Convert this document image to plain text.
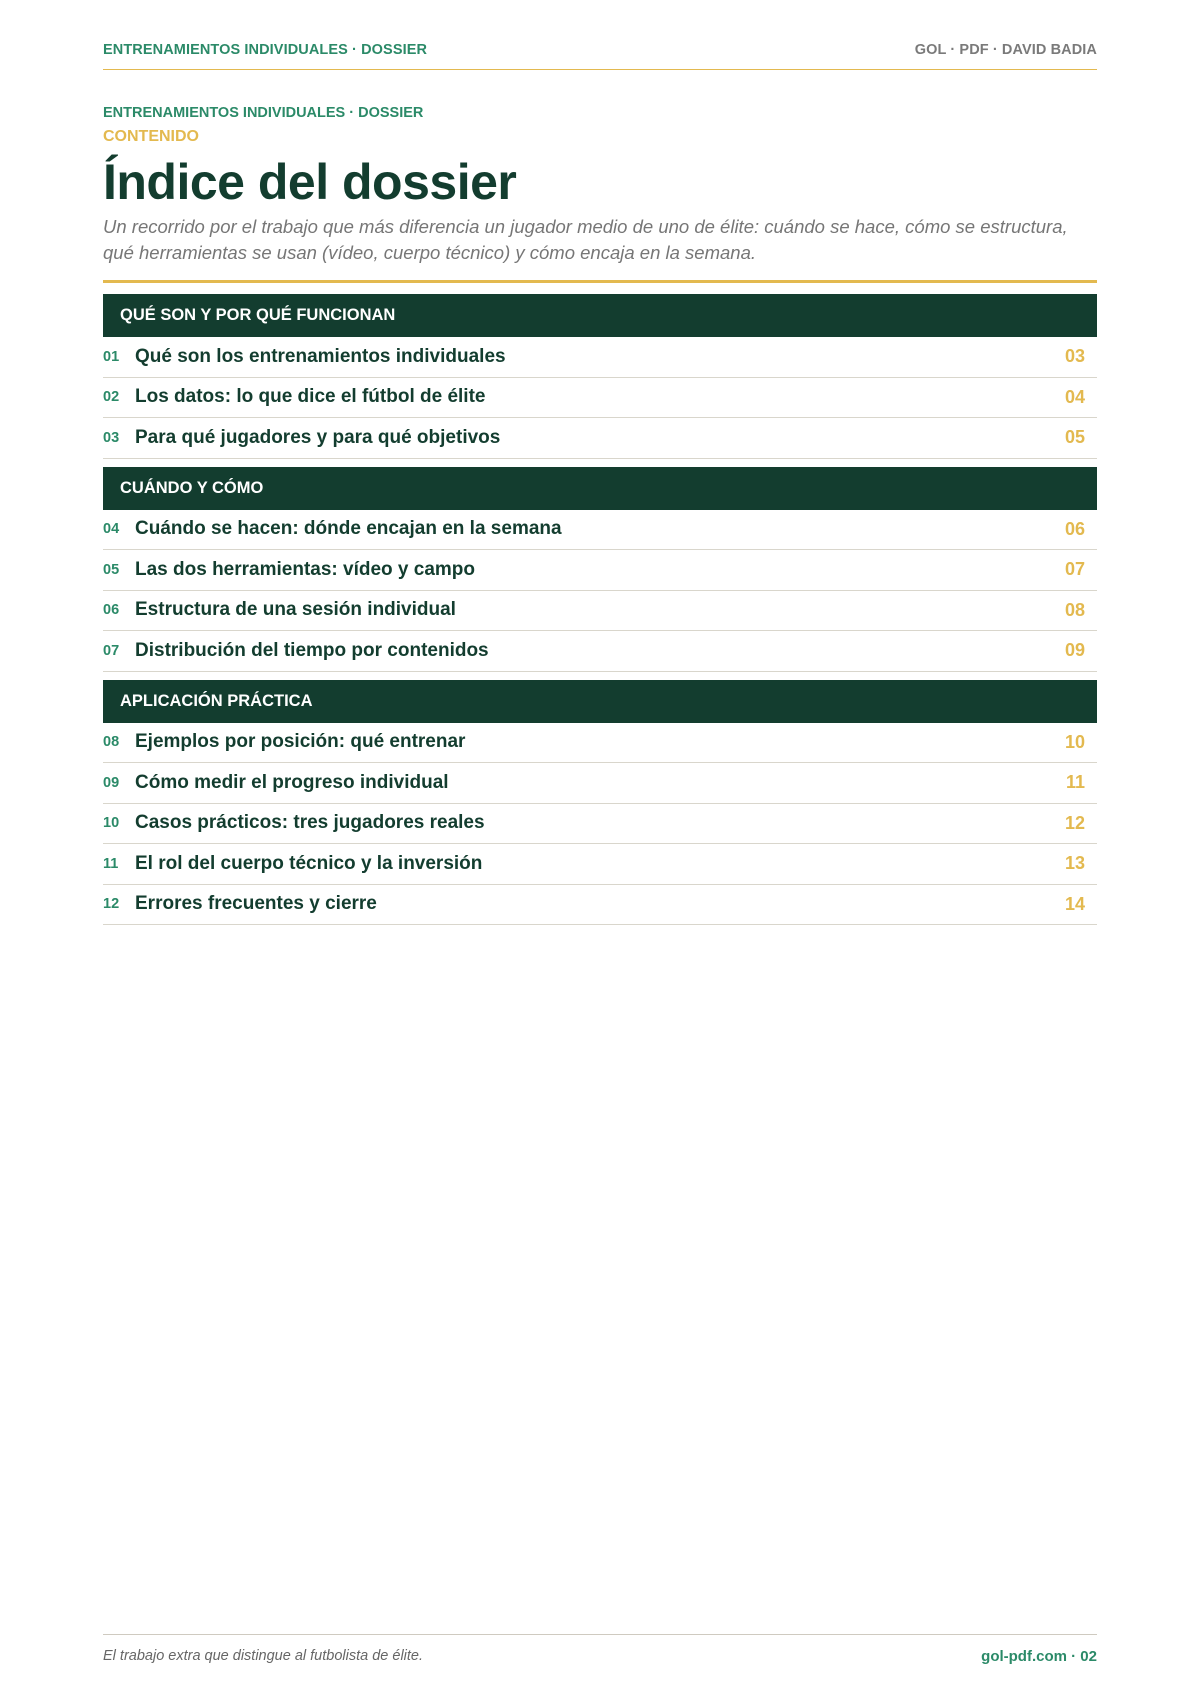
ENTRENAMIENTOS INDIVIDUALES · DOSSIER	GOL · PDF · DAVID BADIA
ENTRENAMIENTOS INDIVIDUALES · DOSSIER
CONTENIDO
Índice del dossier

Un recorrido por el trabajo que más diferencia un jugador medio de uno de élite: cuándo se hace, cómo se estructura, qué herramientas se usan (vídeo, cuerpo técnico) y cómo encaja en la semana.

QUÉ SON Y POR QUÉ FUNCIONAN
01 Qué son los entrenamientos individuales	03
02 Los datos: lo que dice el fútbol de élite	04
03 Para qué jugadores y para qué objetivos	05
CUÁNDO Y CÓMO
04 Cuándo se hacen: dónde encajan en la semana	06
05 Las dos herramientas: vídeo y campo	07
06 Estructura de una sesión individual	08
07 Distribución del tiempo por contenidos	09
APLICACIÓN PRÁCTICA
08 Ejemplos por posición: qué entrenar	10
09 Cómo medir el progreso individual	11
10 Casos prácticos: tres jugadores reales	12
11 El rol del cuerpo técnico y la inversión	13
12 Errores frecuentes y cierre	14
El trabajo extra que distingue al futbolista de élite.	gol-pdf.com · 02
